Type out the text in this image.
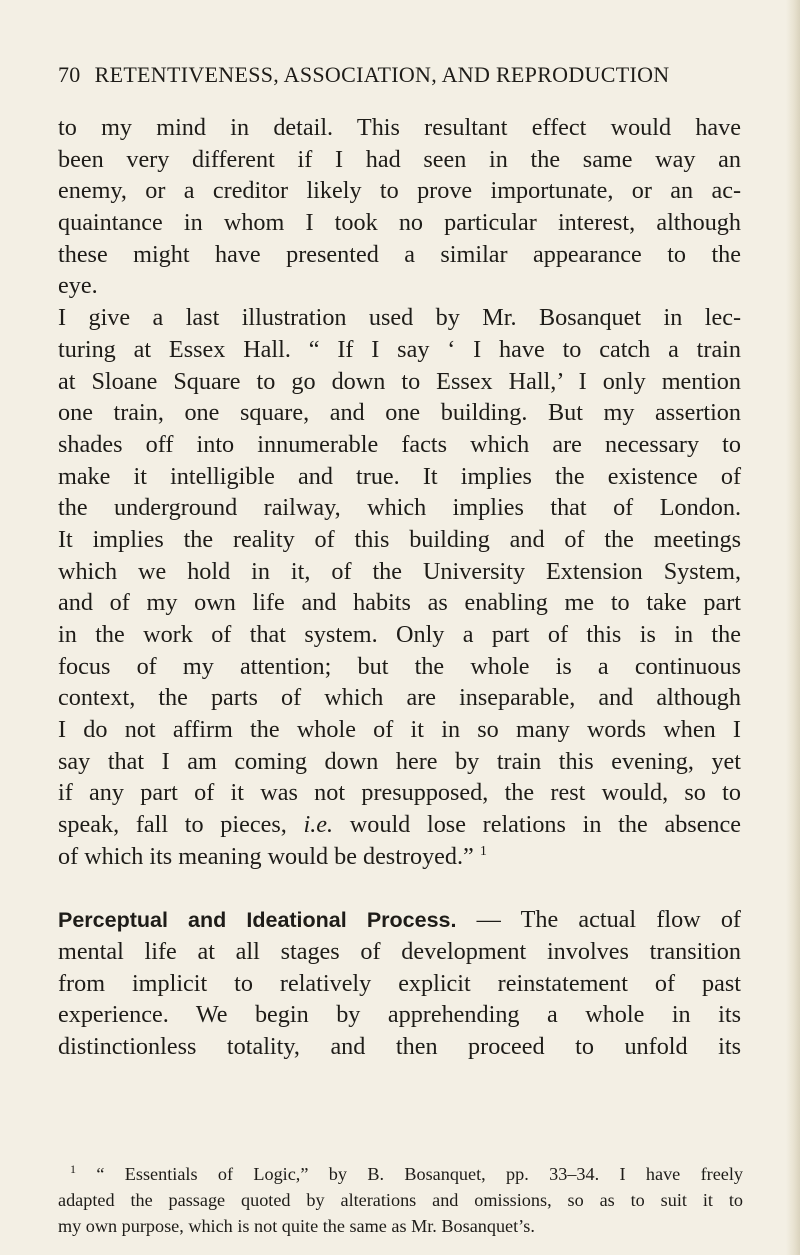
70 RETENTIVENESS, ASSOCIATION, AND REPRODUCTION
to my mind in detail. This resultant effect would have
been very different if I had seen in the same way an
enemy, or a creditor likely to prove importunate, or an ac-
quaintance in whom I took no particular interest, although
these might have presented a similar appearance to the
eye.
I give a last illustration used by Mr. Bosanquet in lec-
turing at Essex Hall. “ If I say ‘ I have to catch a train
at Sloane Square to go down to Essex Hall,’ I only mention
one train, one square, and one building. But my assertion
shades off into innumerable facts which are necessary to
make it intelligible and true. It implies the existence of
the underground railway, which implies that of London.
It implies the reality of this building and of the meetings
which we hold in it, of the University Extension System,
and of my own life and habits as enabling me to take part
in the work of that system. Only a part of this is in the
focus of my attention; but the whole is a continuous
context, the parts of which are inseparable, and although
I do not affirm the whole of it in so many words when I
say that I am coming down here by train this evening, yet
if any part of it was not presupposed, the rest would, so to
speak, fall to pieces, i.e. would lose relations in the absence
of which its meaning would be destroyed.” $^1$
Perceptual and Ideational Process. — The actual flow of
mental life at all stages of development involves transition
from implicit to relatively explicit reinstatement of past
experience. We begin by apprehending a whole in its
distinctionless totality, and then proceed to unfold its
$^1$ “ Essentials of Logic,” by B. Bosanquet, pp. 33–34. I have freely
adapted the passage quoted by alterations and omissions, so as to suit it to
my own purpose, which is not quite the same as Mr. Bosanquet’s.
